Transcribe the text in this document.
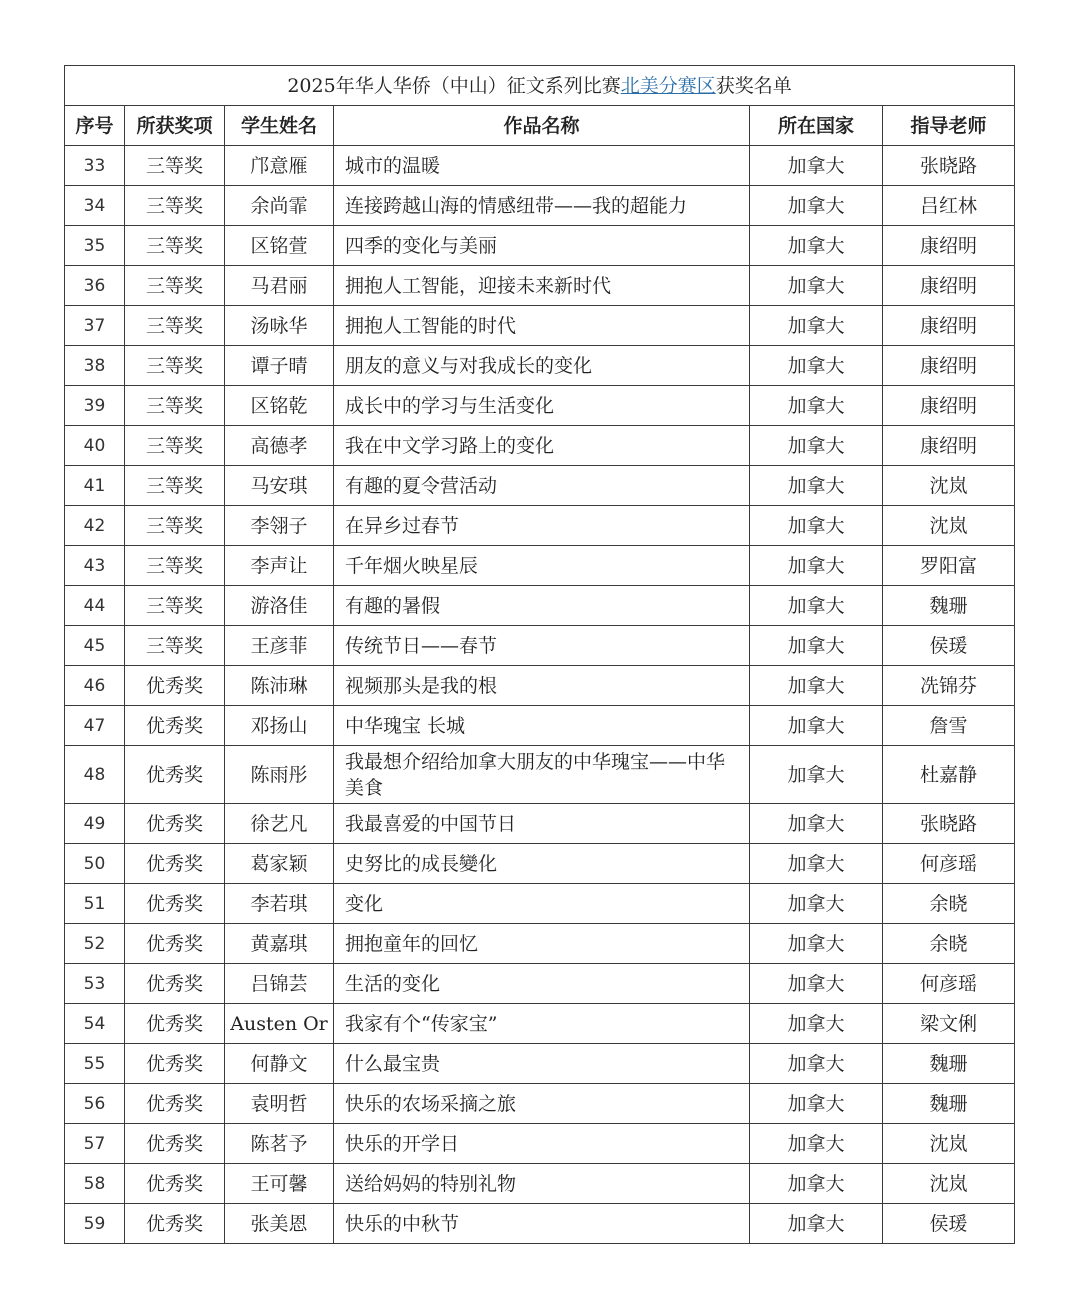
2025年华人华侨（中山）征文系列比赛北美分赛区获奖名单					
序号	所获奖项	学生姓名	作品名称	所在国家	指导老师
33	三等奖	邝意雁	城市的温暖	加拿大	张晓路
34	三等奖	余尚霏	连接跨越山海的情感纽带——我的超能力	加拿大	吕红林
35	三等奖	区铭萱	四季的变化与美丽	加拿大	康绍明
36	三等奖	马君丽	拥抱人工智能，迎接未来新时代	加拿大	康绍明
37	三等奖	汤咏华	拥抱人工智能的时代	加拿大	康绍明
38	三等奖	谭子晴	朋友的意义与对我成长的变化	加拿大	康绍明
39	三等奖	区铭乾	成长中的学习与生活变化	加拿大	康绍明
40	三等奖	高德孝	我在中文学习路上的变化	加拿大	康绍明
41	三等奖	马安琪	有趣的夏令营活动	加拿大	沈岚
42	三等奖	李翎子	在异乡过春节	加拿大	沈岚
43	三等奖	李声让	千年烟火映星辰	加拿大	罗阳富
44	三等奖	游洛佳	有趣的暑假	加拿大	魏珊
45	三等奖	王彦菲	传统节日——春节	加拿大	侯瑗
46	优秀奖	陈沛琳	视频那头是我的根	加拿大	冼锦芬
47	优秀奖	邓扬山	中华瑰宝 长城	加拿大	詹雪
48	优秀奖	陈雨彤	我最想介绍给加拿大朋友的中华瑰宝——中华美食	加拿大	杜嘉静
49	优秀奖	徐艺凡	我最喜爱的中国节日	加拿大	张晓路
50	优秀奖	葛家颖	史努比的成長變化	加拿大	何彦瑶
51	优秀奖	李若琪	变化	加拿大	余晓
52	优秀奖	黄嘉琪	拥抱童年的回忆	加拿大	余晓
53	优秀奖	吕锦芸	生活的变化	加拿大	何彦瑶
54	优秀奖	Austen Or	我家有个“传家宝”	加拿大	梁文俐
55	优秀奖	何静文	什么最宝贵	加拿大	魏珊
56	优秀奖	袁明哲	快乐的农场采摘之旅	加拿大	魏珊
57	优秀奖	陈茗予	快乐的开学日	加拿大	沈岚
58	优秀奖	王可馨	送给妈妈的特别礼物	加拿大	沈岚
59	优秀奖	张美恩	快乐的中秋节	加拿大	侯瑗
